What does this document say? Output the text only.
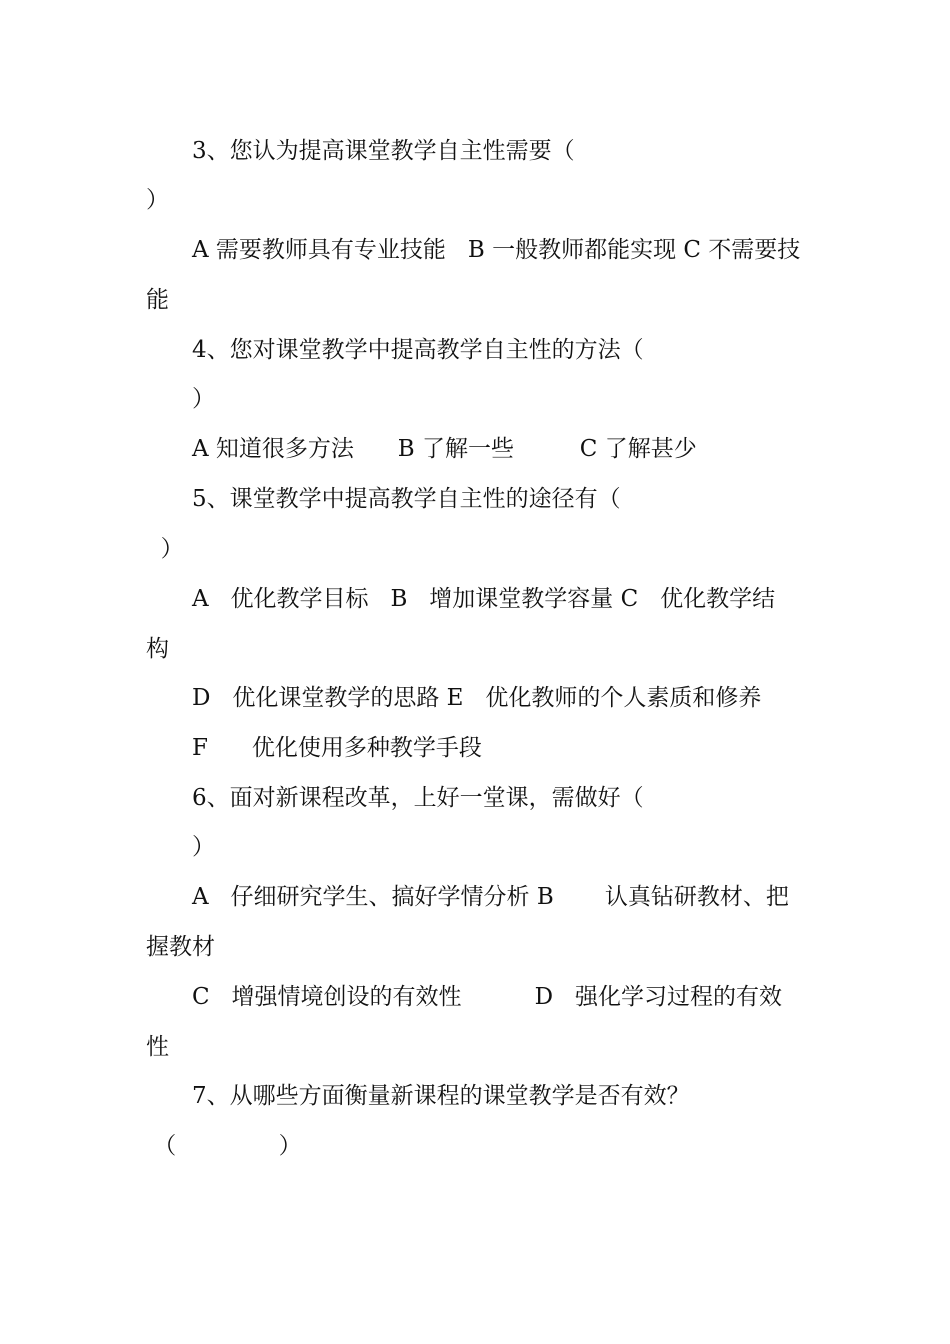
3、您认为提高课堂教学自主性需要（
）
A 需要教师具有专业技能   B 一般教师都能实现 C 不需要技
能
4、您对课堂教学中提高教学自主性的方法（
）
A 知道很多方法      B 了解一些         C 了解甚少
5、课堂教学中提高教学自主性的途径有（
）
A   优化教学目标   B   增加课堂教学容量 C   优化教学结
构
D   优化课堂教学的思路 E   优化教师的个人素质和修养
F      优化使用多种教学手段
6、面对新课程改革，上好一堂课，需做好（
）
A   仔细研究学生、搞好学情分析 B       认真钻研教材、把
握教材
C   增强情境创设的有效性          D   强化学习过程的有效
性
7、从哪些方面衡量新课程的课堂教学是否有效？
（              ）
